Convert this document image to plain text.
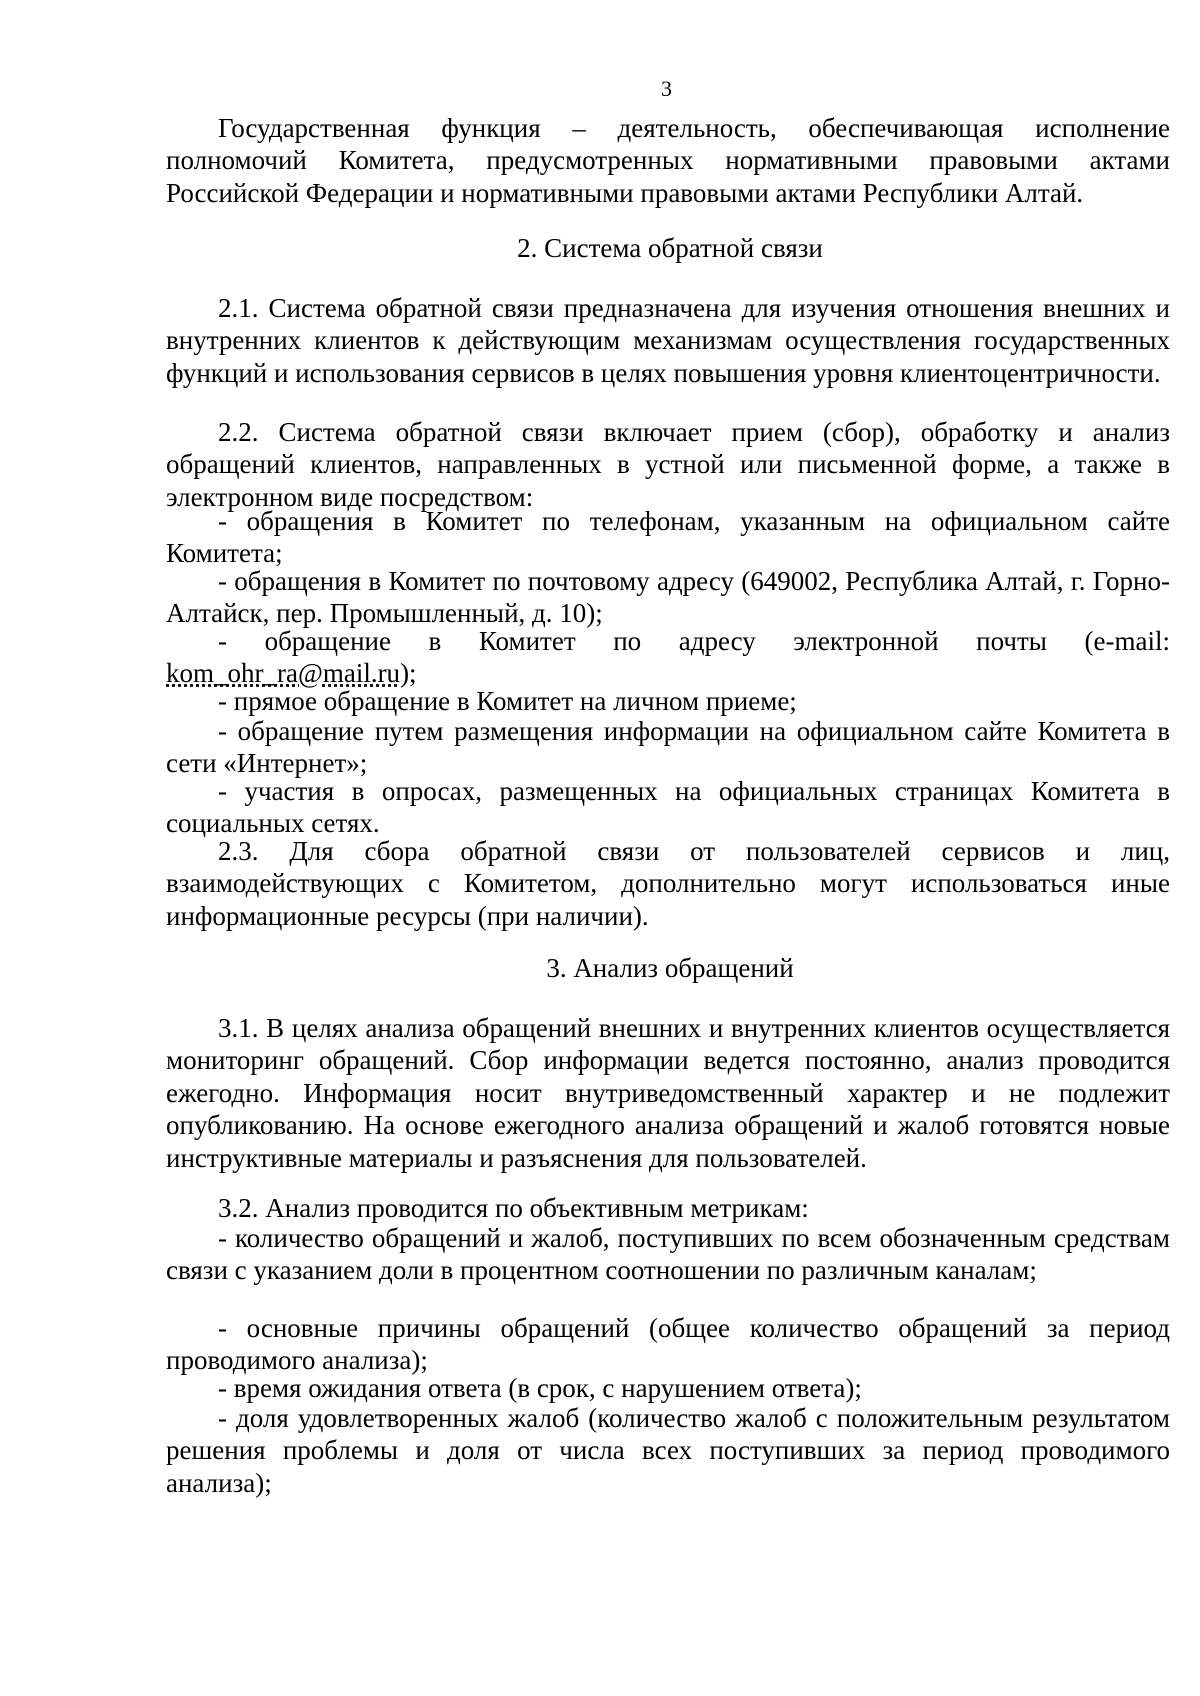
3
Государственная функция – деятельность, обеспечивающая исполнение полномочий Комитета, предусмотренных нормативными правовыми актами Российской Федерации и нормативными правовыми актами Республики Алтай.
2. Система обратной связи
2.1. Система обратной связи предназначена для изучения отношения внешних и внутренних клиентов к действующим механизмам осуществления государственных функций и использования сервисов в целях повышения уровня клиентоцентричности.
2.2. Система обратной связи включает прием (сбор), обработку и анализ обращений клиентов, направленных в устной или письменной форме, а также в электронном виде посредством:
- обращения в Комитет по телефонам, указанным на официальном сайте Комитета;
- обращения в Комитет по почтовому адресу (649002, Республика Алтай, г. Горно-Алтайск, пер. Промышленный, д. 10);
- обращение в Комитет по адресу электронной почты (e-mail: kom_ohr_ra@mail.ru);
- прямое обращение в Комитет на личном приеме;
- обращение путем размещения информации на официальном сайте Комитета в сети «Интернет»;
- участия в опросах, размещенных на официальных страницах Комитета в социальных сетях.
2.3. Для сбора обратной связи от пользователей сервисов и лиц, взаимодействующих с Комитетом, дополнительно могут использоваться иные информационные ресурсы (при наличии).
3. Анализ обращений
3.1. В целях анализа обращений внешних и внутренних клиентов осуществляется мониторинг обращений. Сбор информации ведется постоянно, анализ проводится ежегодно. Информация носит внутриведомственный характер и не подлежит опубликованию. На основе ежегодного анализа обращений и жалоб готовятся новые инструктивные материалы и разъяснения для пользователей.
3.2. Анализ проводится по объективным метрикам:
- количество обращений и жалоб, поступивших по всем обозначенным средствам связи с указанием доли в процентном соотношении по различным каналам;
- основные причины обращений (общее количество обращений за период проводимого анализа);
- время ожидания ответа (в срок, с нарушением ответа);
- доля удовлетворенных жалоб (количество жалоб с положительным результатом решения проблемы и доля от числа всех поступивших за период проводимого анализа);
